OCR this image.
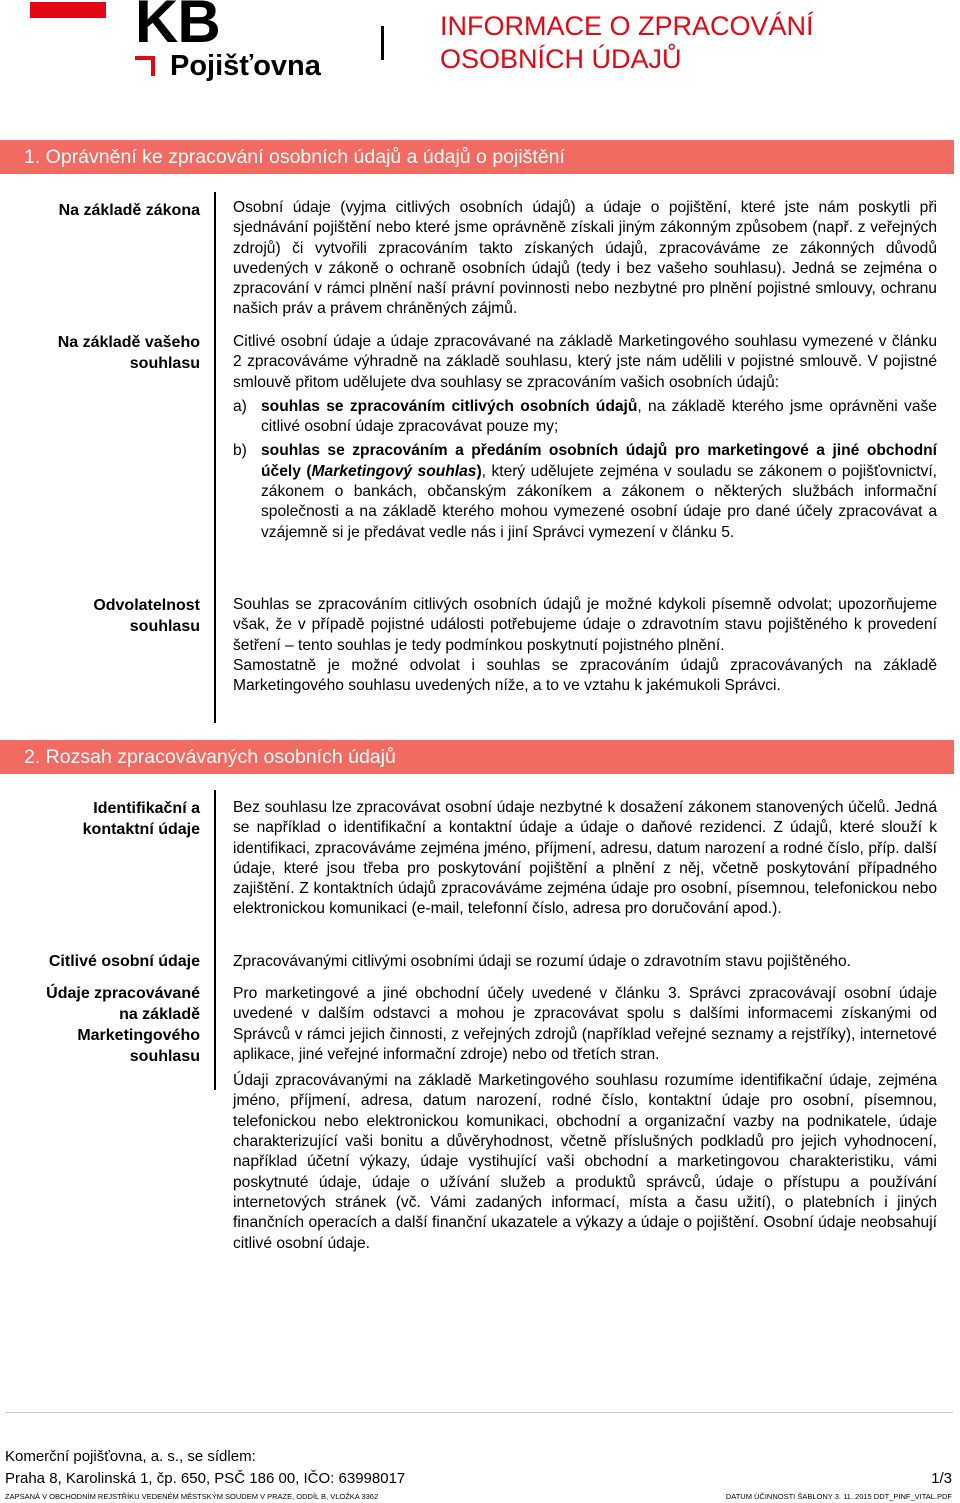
KB
Pojišťovna
INFORMACE O ZPRACOVÁNÍ
OSOBNÍCH ÚDAJŮ
1. Oprávnění ke zpracování osobních údajů a údajů o pojištění
Na základě zákona Osobní údaje (vyjma citlivých osobních údajů) a údaje o pojištění, které jste nám poskytli při sjednávání pojištění nebo které jsme oprávněně získali jiným zákonným způsobem (např. z veřejných zdrojů) či vytvořili zpracováním takto získaných údajů, zpracováváme ze zákonných důvodů uvedených v zákoně o ochraně osobních údajů (tedy i bez vašeho souhlasu). Jedná se zejména o zpracování v rámci plnění naší právní povinnosti nebo nezbytné pro plnění pojistné smlouvy, ochranu našich práv a právem chráněných zájmů.
Na základě vašeho
souhlasu
Citlivé osobní údaje a údaje zpracovávané na základě Marketingového souhlasu vymezené v článku 2 zpracováváme výhradně na základě souhlasu, který jste nám udělili v pojistné smlouvě. V pojistné smlouvě přitom udělujete dva souhlasy se zpracováním vašich osobních údajů:
a) souhlas se zpracováním citlivých osobních údajů, na základě kterého jsme oprávněni vaše citlivé osobní údaje zpracovávat pouze my;
b) souhlas se zpracováním a předáním osobních údajů pro marketingové a jiné obchodní účely (Marketingový souhlas), který udělujete zejména v souladu se zákonem o pojišťovnictví, zákonem o bankách, občanským zákoníkem a zákonem o některých službách informační společnosti a na základě kterého mohou vymezené osobní údaje pro dané účely zpracovávat a vzájemně si je předávat vedle nás i jiní Správci vymezení v článku 5.
Odvolatelnost
souhlasu
Souhlas se zpracováním citlivých osobních údajů je možné kdykoli písemně odvolat; upozorňujeme však, že v případě pojistné události potřebujeme údaje o zdravotním stavu pojištěného k provedení šetření – tento souhlas je tedy podmínkou poskytnutí pojistného plnění.
Samostatně je možné odvolat i souhlas se zpracováním údajů zpracovávaných na základě Marketingového souhlasu uvedených níže, a to ve vztahu k jakémukoli Správci.
2. Rozsah zpracovávaných osobních údajů
Identifikační a
kontaktní údaje
Bez souhlasu lze zpracovávat osobní údaje nezbytné k dosažení zákonem stanovených účelů. Jedná se například o identifikační a kontaktní údaje a údaje o daňové rezidenci. Z údajů, které slouží k identifikaci, zpracováváme zejména jméno, příjmení, adresu, datum narození a rodné číslo, příp. další údaje, které jsou třeba pro poskytování pojištění a plnění z něj, včetně poskytování případného zajištění. Z kontaktních údajů zpracováváme zejména údaje pro osobní, písemnou, telefonickou nebo elektronickou komunikaci (e-mail, telefonní číslo, adresa pro doručování apod.).
Citlivé osobní údaje Zpracovávanými citlivými osobními údaji se rozumí údaje o zdravotním stavu pojištěného.
Údaje zpracovávané
na základě
Marketingového
souhlasu
Pro marketingové a jiné obchodní účely uvedené v článku 3. Správci zpracovávají osobní údaje uvedené v dalším odstavci a mohou je zpracovávat spolu s dalšími informacemi získanými od Správců v rámci jejich činnosti, z veřejných zdrojů (například veřejné seznamy a rejstříky), internetové aplikace, jiné veřejné informační zdroje) nebo od třetích stran.
Údaji zpracovávanými na základě Marketingového souhlasu rozumíme identifikační údaje, zejména jméno, příjmení, adresa, datum narození, rodné číslo, kontaktní údaje pro osobní, písemnou, telefonickou nebo elektronickou komunikaci, obchodní a organizační vazby na podnikatele, údaje charakterizující vaši bonitu a důvěryhodnost, včetně příslušných podkladů pro jejich vyhodnocení, například účetní výkazy, údaje vystihující vaši obchodní a marketingovou charakteristiku, vámi poskytnuté údaje, údaje o užívání služeb a produktů správců, údaje o přístupu a používání internetových stránek (vč. Vámi zadaných informací, místa a času užití), o platebních i jiných finančních operacích a další finanční ukazatele a výkazy a údaje o pojištění. Osobní údaje neobsahují citlivé osobní údaje.
Komerční pojišťovna, a. s., se sídlem:
Praha 8, Karolinská 1, čp. 650, PSČ 186 00, IČO: 63998017	1/3
ZAPSANÁ V OBCHODNÍM REJSTŘÍKU VEDENÉM MĚSTSKÝM SOUDEM V PRAZE, ODDÍL B, VLOŽKA 3362	DATUM ÚČINNOSTI ŠABLONY 3. 11. 2015 DDT_PINF_VITAL.PDF
